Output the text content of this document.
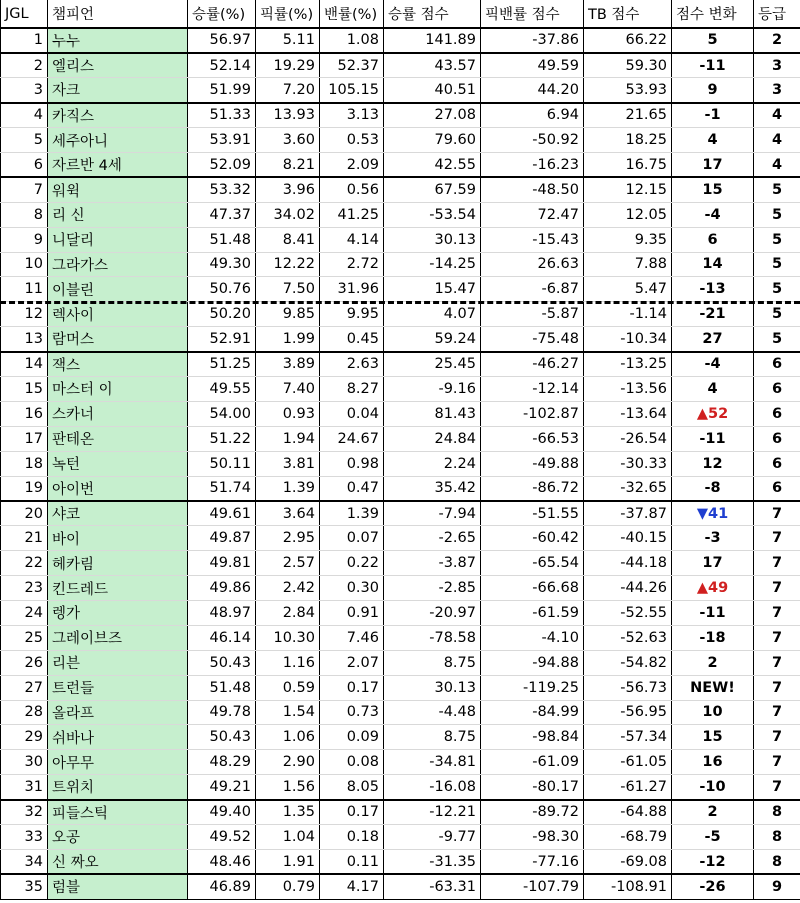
JGL	챔피언	승률(%)	픽률(%)	밴률(%)	승률 점수	픽밴률 점수	TB 점수	점수 변화	등급
1	누누	56.97	5.11	1.08	141.89	-37.86	66.22	5	2
2	엘리스	52.14	19.29	52.37	43.57	49.59	59.30	-11	3
3	자크	51.99	7.20	105.15	40.51	44.20	53.93	9	3
4	카직스	51.33	13.93	3.13	27.08	6.94	21.65	-1	4
5	세주아니	53.91	3.60	0.53	79.60	-50.92	18.25	4	4
6	자르반 4세	52.09	8.21	2.09	42.55	-16.23	16.75	17	4
7	워윅	53.32	3.96	0.56	67.59	-48.50	12.15	15	5
8	리 신	47.37	34.02	41.25	-53.54	72.47	12.05	-4	5
9	니달리	51.48	8.41	4.14	30.13	-15.43	9.35	6	5
10	그라가스	49.30	12.22	2.72	-14.25	26.63	7.88	14	5
11	이블린	50.76	7.50	31.96	15.47	-6.87	5.47	-13	5
12	렉사이	50.20	9.85	9.95	4.07	-5.87	-1.14	-21	5
13	람머스	52.91	1.99	0.45	59.24	-75.48	-10.34	27	5
14	잭스	51.25	3.89	2.63	25.45	-46.27	-13.25	-4	6
15	마스터 이	49.55	7.40	8.27	-9.16	-12.14	-13.56	4	6
16	스카너	54.00	0.93	0.04	81.43	-102.87	-13.64	▲52	6
17	판테온	51.22	1.94	24.67	24.84	-66.53	-26.54	-11	6
18	녹턴	50.11	3.81	0.98	2.24	-49.88	-30.33	12	6
19	아이번	51.74	1.39	0.47	35.42	-86.72	-32.65	-8	6
20	샤코	49.61	3.64	1.39	-7.94	-51.55	-37.87	▼41	7
21	바이	49.87	2.95	0.07	-2.65	-60.42	-40.15	-3	7
22	헤카림	49.81	2.57	0.22	-3.87	-65.54	-44.18	17	7
23	킨드레드	49.86	2.42	0.30	-2.85	-66.68	-44.26	▲49	7
24	렝가	48.97	2.84	0.91	-20.97	-61.59	-52.55	-11	7
25	그레이브즈	46.14	10.30	7.46	-78.58	-4.10	-52.63	-18	7
26	리븐	50.43	1.16	2.07	8.75	-94.88	-54.82	2	7
27	트런들	51.48	0.59	0.17	30.13	-119.25	-56.73	NEW!	7
28	올라프	49.78	1.54	0.73	-4.48	-84.99	-56.95	10	7
29	쉬바나	50.43	1.06	0.09	8.75	-98.84	-57.34	15	7
30	아무무	48.29	2.90	0.08	-34.81	-61.09	-61.05	16	7
31	트위치	49.21	1.56	8.05	-16.08	-80.17	-61.27	-10	7
32	피들스틱	49.40	1.35	0.17	-12.21	-89.72	-64.88	2	8
33	오공	49.52	1.04	0.18	-9.77	-98.30	-68.79	-5	8
34	신 짜오	48.46	1.91	0.11	-31.35	-77.16	-69.08	-12	8
35	럼블	46.89	0.79	4.17	-63.31	-107.79	-108.91	-26	9
